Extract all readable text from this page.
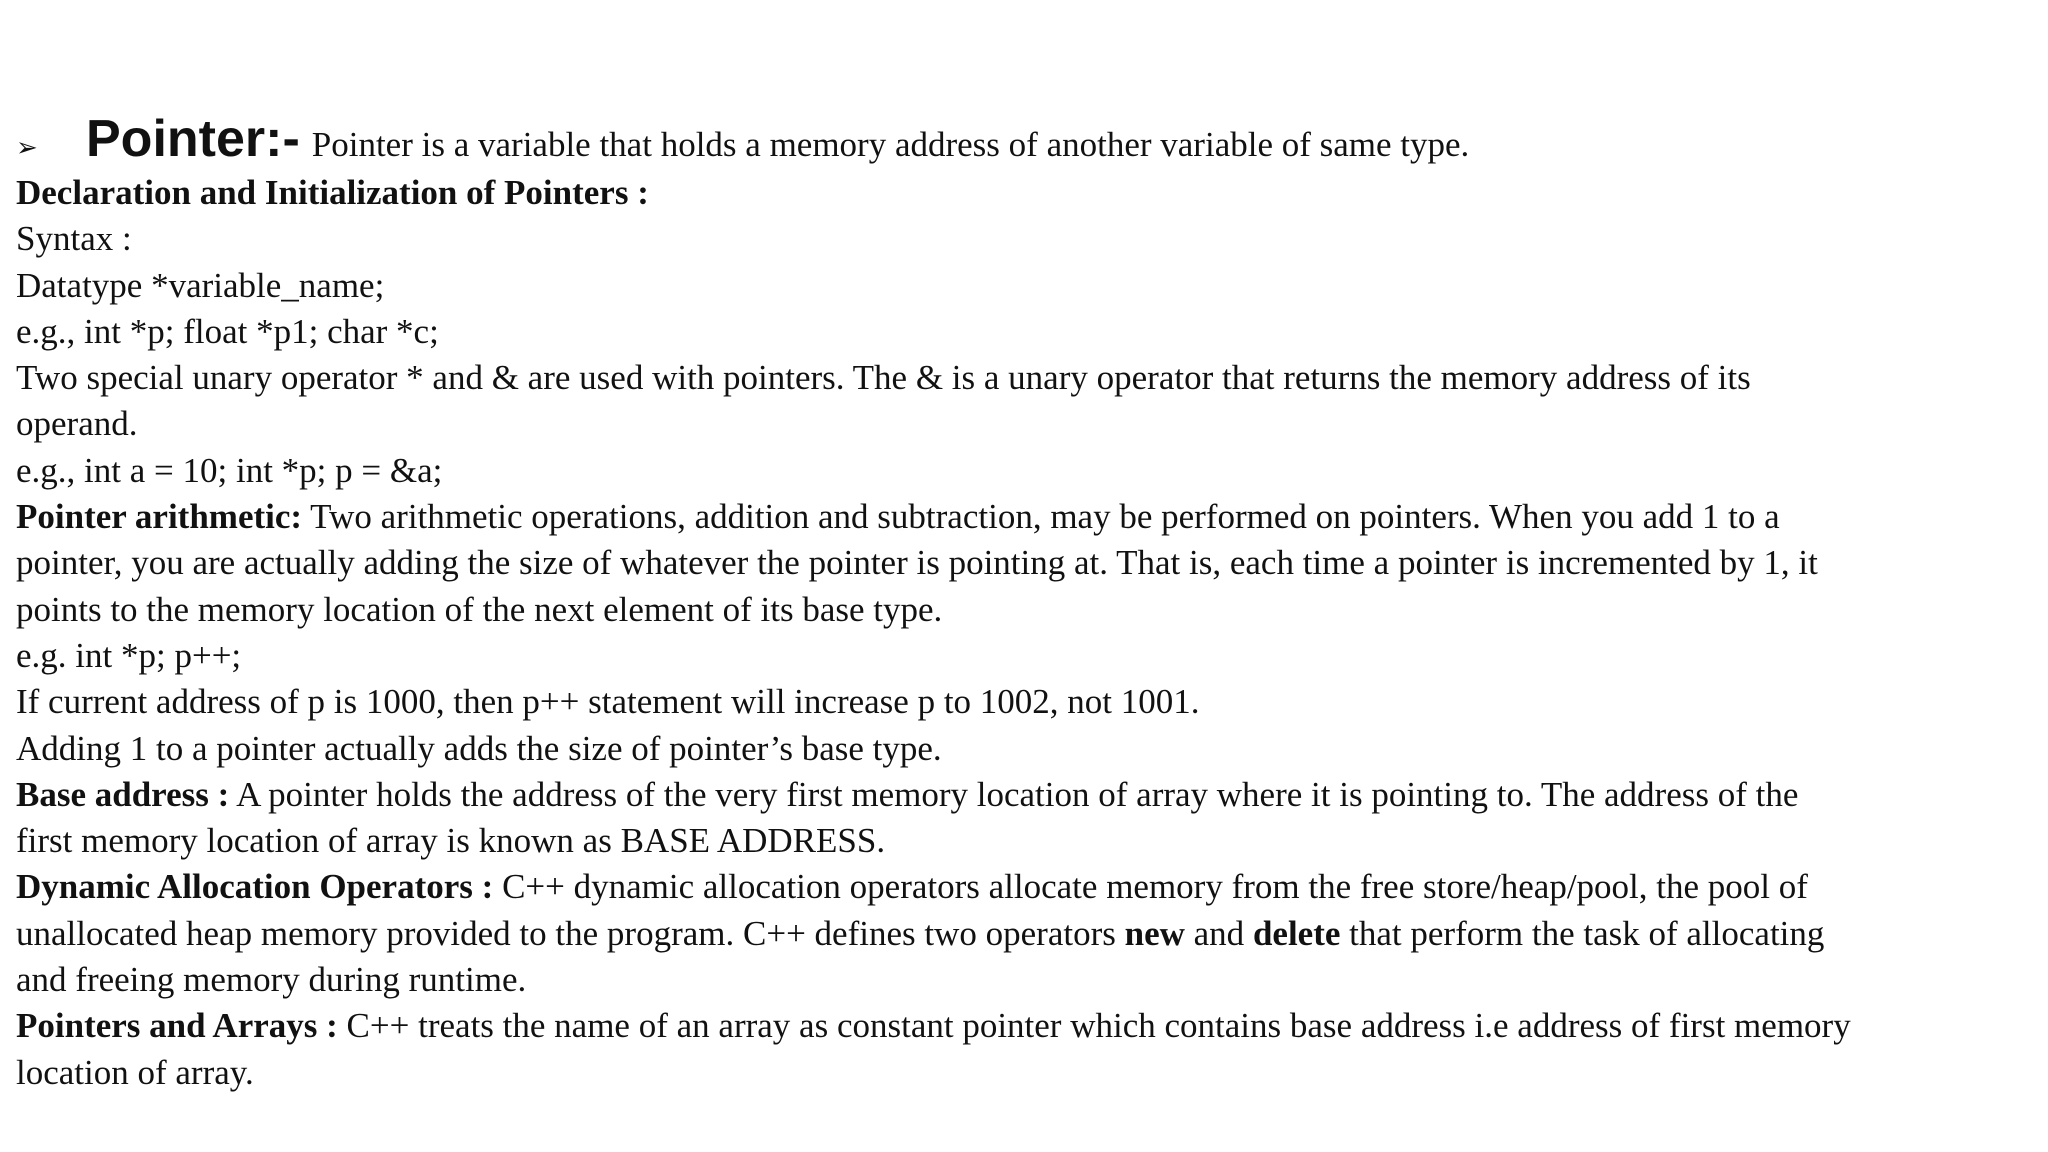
➢ Pointer:- Pointer is a variable that holds a memory address of another variable of same type.
Declaration and Initialization of Pointers :
Syntax :
Datatype *variable_name;
e.g., int *p; float *p1; char *c;
Two special unary operator * and & are used with pointers. The & is a unary operator that returns the memory address of its
operand.
e.g., int a = 10; int *p; p = &a;
Pointer arithmetic: Two arithmetic operations, addition and subtraction, may be performed on pointers. When you add 1 to a
pointer, you are actually adding the size of whatever the pointer is pointing at. That is, each time a pointer is incremented by 1, it
points to the memory location of the next element of its base type.
e.g. int *p; p++;
If current address of p is 1000, then p++ statement will increase p to 1002, not 1001.
Adding 1 to a pointer actually adds the size of pointer’s base type.
Base address : A pointer holds the address of the very first memory location of array where it is pointing to. The address of the
first memory location of array is known as BASE ADDRESS.
Dynamic Allocation Operators : C++ dynamic allocation operators allocate memory from the free store/heap/pool, the pool of
unallocated heap memory provided to the program. C++ defines two operators new and delete that perform the task of allocating
and freeing memory during runtime.
Pointers and Arrays : C++ treats the name of an array as constant pointer which contains base address i.e address of first memory
location of array.
